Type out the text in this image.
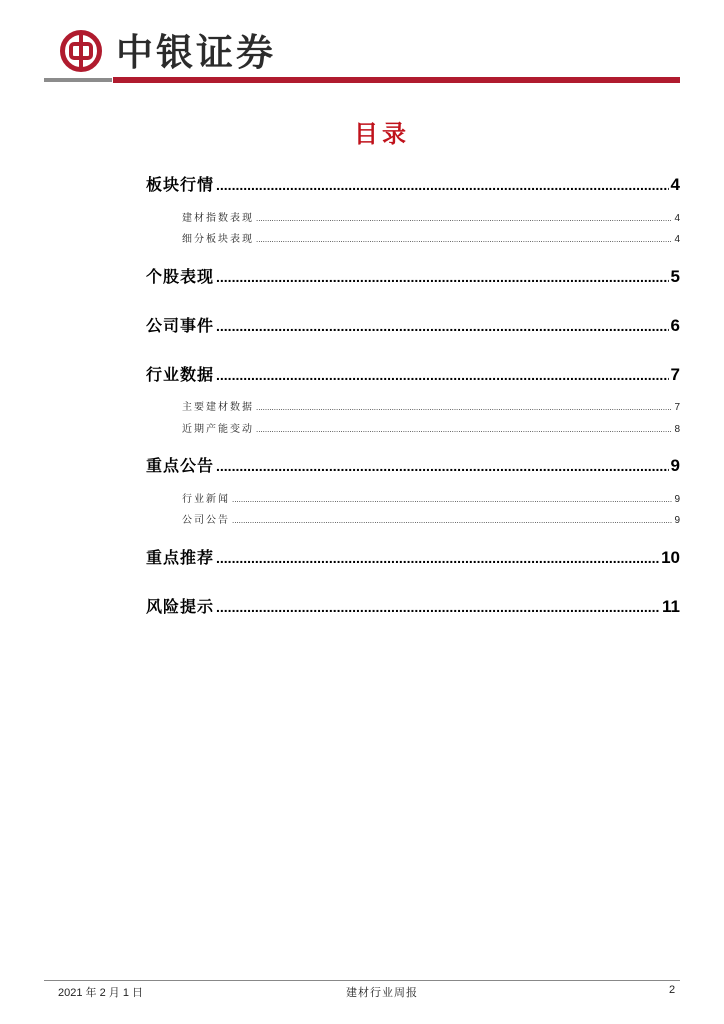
中银证券
目录
板块行情 .....	4
建材指数表现 .....	4
细分板块表现 .....	4
个股表现 .....	5
公司事件 .....	6
行业数据 .....	7
主要建材数据 .....	7
近期产能变动 .....	8
重点公告 .....	9
行业新闻 .....	9
公司公告 .....	9
重点推荐 .....	10
风险提示 .....	11
2021 年 2 月 1 日	建材行业周报	2
